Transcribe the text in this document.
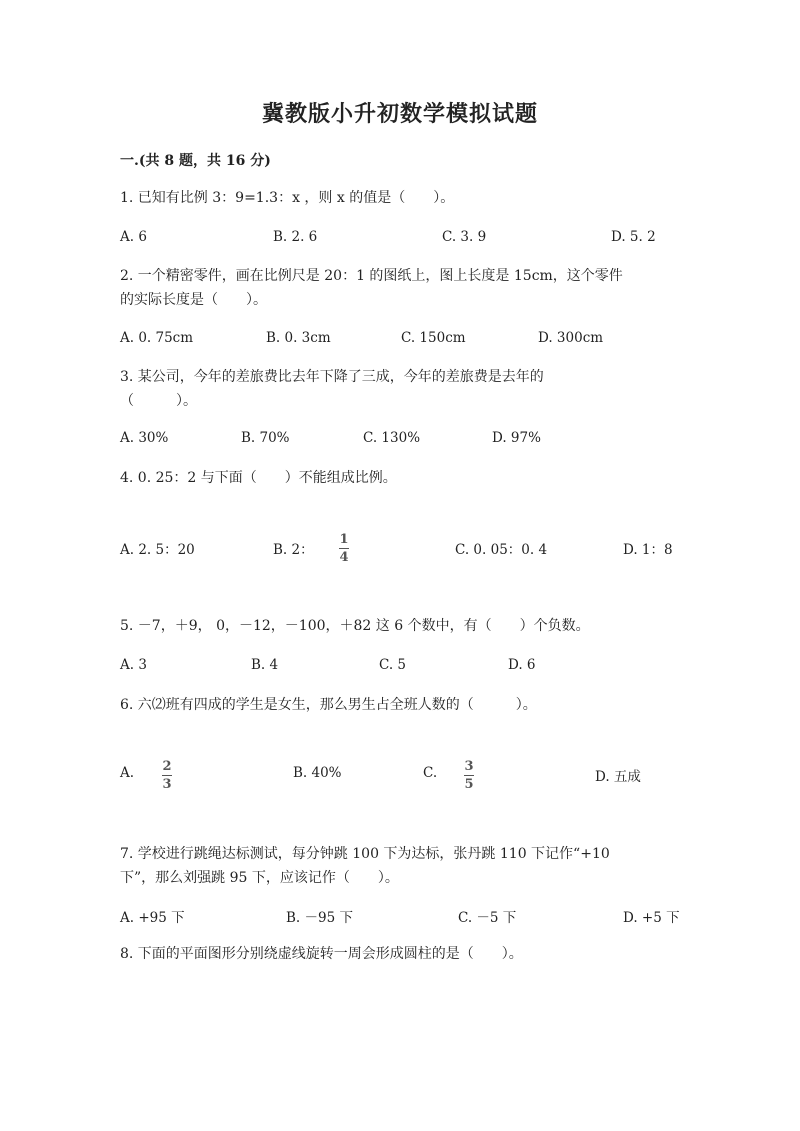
冀教版小升初数学模拟试题
一.(共 8 题，共 16 分)
1. 已知有比例 3：9=1.3：x ，则 x 的值是（　　）。
A. 6	B. 2. 6	C. 3. 9	D. 5. 2
2. 一个精密零件，画在比例尺是 20：1 的图纸上，图上长度是 15cm，这个零件
的实际长度是（　　）。
A. 0. 75cm	B. 0. 3cm	C. 150cm	D. 300cm
3. 某公司，今年的差旅费比去年下降了三成，今年的差旅费是去年的
（　　　）。
A. 30%	B. 70%	C. 130%	D. 97%
4. 0. 25：2 与下面（　　）不能组成比例。
A. 2. 5：20	B. 2：
1
4	C. 0. 05：0. 4	D. 1：8
5. －7，＋9， 0，－12，－100，＋82 这 6 个数中，有（　　）个负数。
A. 3	B. 4	C. 5	D. 6
6. 六⑵班有四成的学生是女生，那么男生占全班人数的（　　　）。
A. 2
3
B. 40%	C. 3
5	D. 五成
7. 学校进行跳绳达标测试，每分钟跳 100 下为达标，张丹跳 110 下记作“+10
下”，那么刘强跳 95 下，应该记作（　　）。
A. +95 下	B. －95 下	C. －5 下	D. +5 下
8. 下面的平面图形分别绕虚线旋转一周会形成圆柱的是（　　）。
